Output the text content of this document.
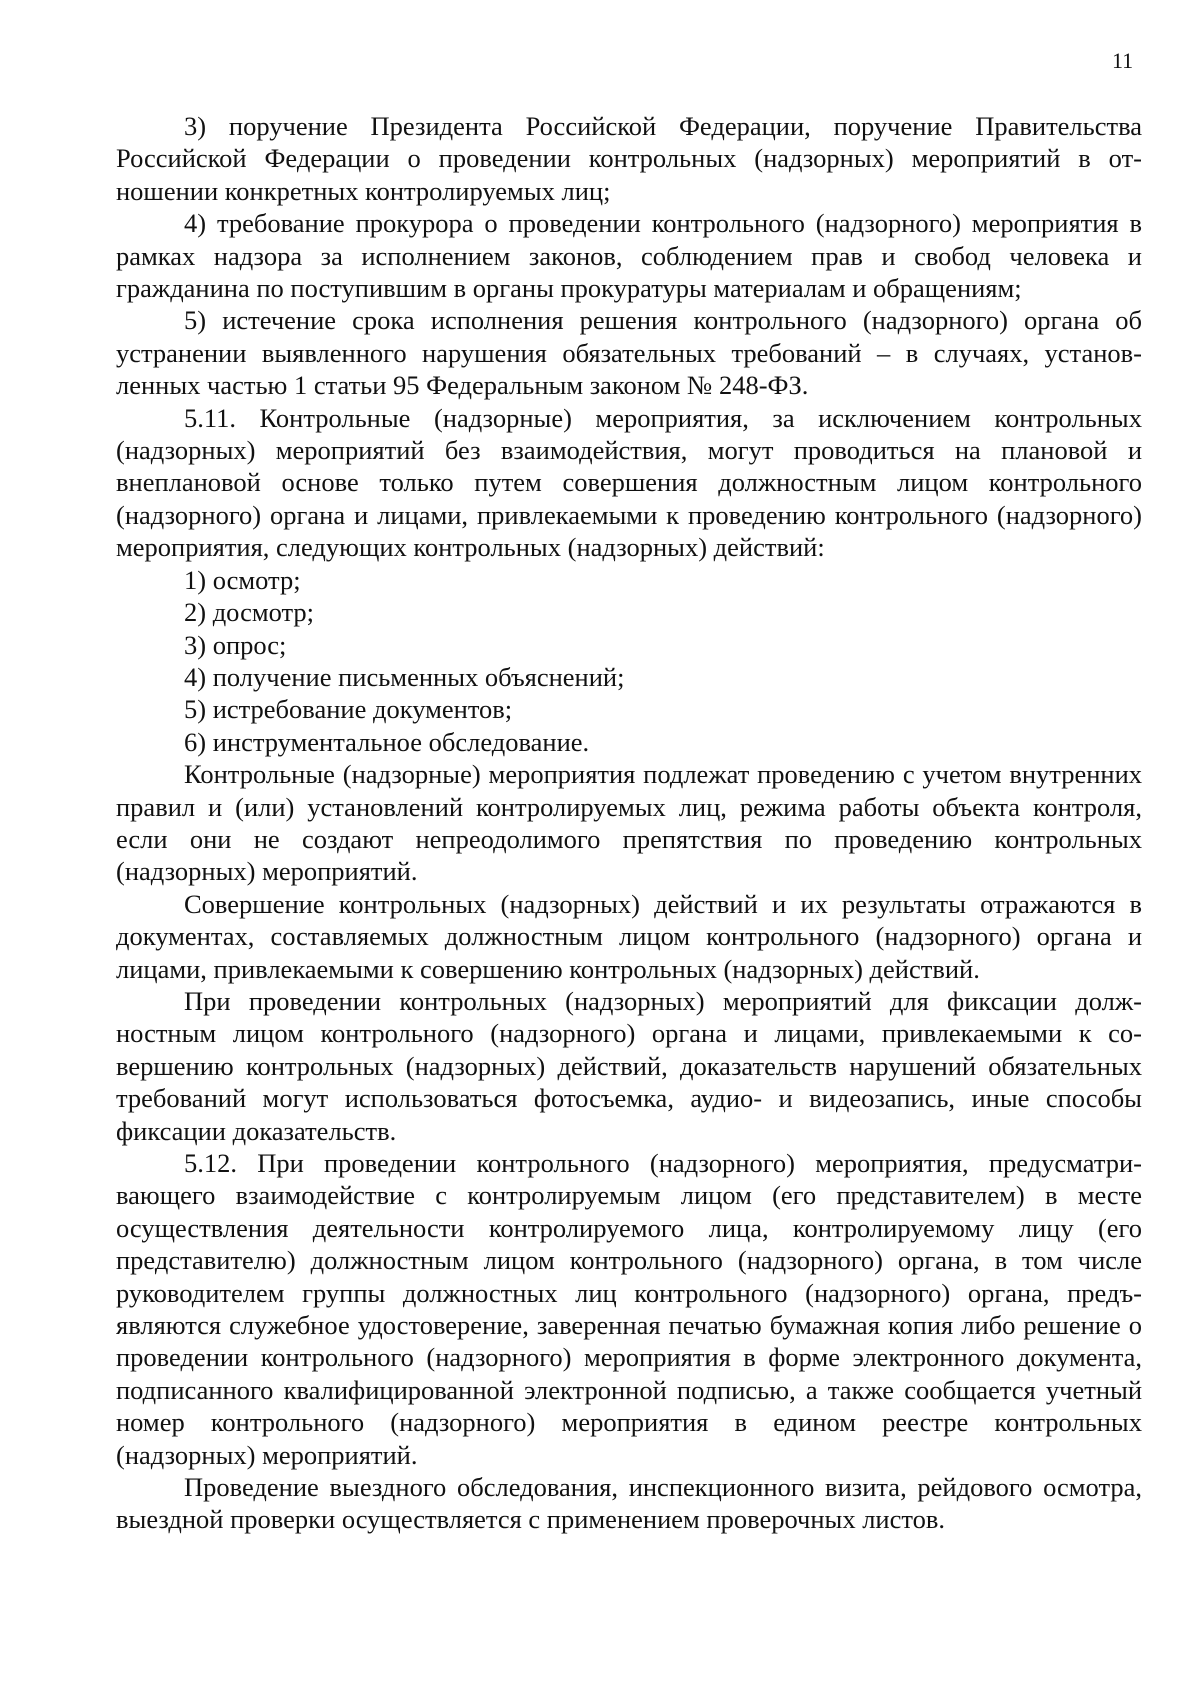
11

3) поручение Президента Российской Федерации, поручение Правительства Российской Федерации о проведении контрольных (надзорных) мероприятий в отношении конкретных контролируемых лиц;

4) требование прокурора о проведении контрольного (надзорного) мероприятия в рамках надзора за исполнением законов, соблюдением прав и свобод человека и гражданина по поступившим в органы прокуратуры материалам и обращениям;

5) истечение срока исполнения решения контрольного (надзорного) органа об устранении выявленного нарушения обязательных требований – в случаях, установленных частью 1 статьи 95 Федеральным законом № 248-ФЗ.

5.11. Контрольные (надзорные) мероприятия, за исключением контрольных (надзорных) мероприятий без взаимодействия, могут проводиться на плановой и внеплановой основе только путем совершения должностным лицом контрольного (надзорного) органа и лицами, привлекаемыми к проведению контрольного (надзорного) мероприятия, следующих контрольных (надзорных) действий:

1) осмотр;

2) досмотр;

3) опрос;

4) получение письменных объяснений;

5) истребование документов;

6) инструментальное обследование.

Контрольные (надзорные) мероприятия подлежат проведению с учетом внутренних правил и (или) установлений контролируемых лиц, режима работы объекта контроля, если они не создают непреодолимого препятствия по проведению контрольных (надзорных) мероприятий.

Совершение контрольных (надзорных) действий и их результаты отражаются в документах, составляемых должностным лицом контрольного (надзорного) органа и лицами, привлекаемыми к совершению контрольных (надзорных) действий.

При проведении контрольных (надзорных) мероприятий для фиксации должностным лицом контрольного (надзорного) органа и лицами, привлекаемыми к совершению контрольных (надзорных) действий, доказательств нарушений обязательных требований могут использоваться фотосъемка, аудио- и видеозапись, иные способы фиксации доказательств.

5.12. При проведении контрольного (надзорного) мероприятия, предусматривающего взаимодействие с контролируемым лицом (его представителем) в месте осуществления деятельности контролируемого лица, контролируемому лицу (его представителю) должностным лицом контрольного (надзорного) органа, в том числе руководителем группы должностных лиц контрольного (надзорного) органа, предъявляются служебное удостоверение, заверенная печатью бумажная копия либо решение о проведении контрольного (надзорного) мероприятия в форме электронного документа, подписанного квалифицированной электронной подписью, а также сообщается учетный номер контрольного (надзорного) мероприятия в едином реестре контрольных (надзорных) мероприятий.

Проведение выездного обследования, инспекционного визита, рейдового осмотра, выездной проверки осуществляется с применением проверочных листов.
